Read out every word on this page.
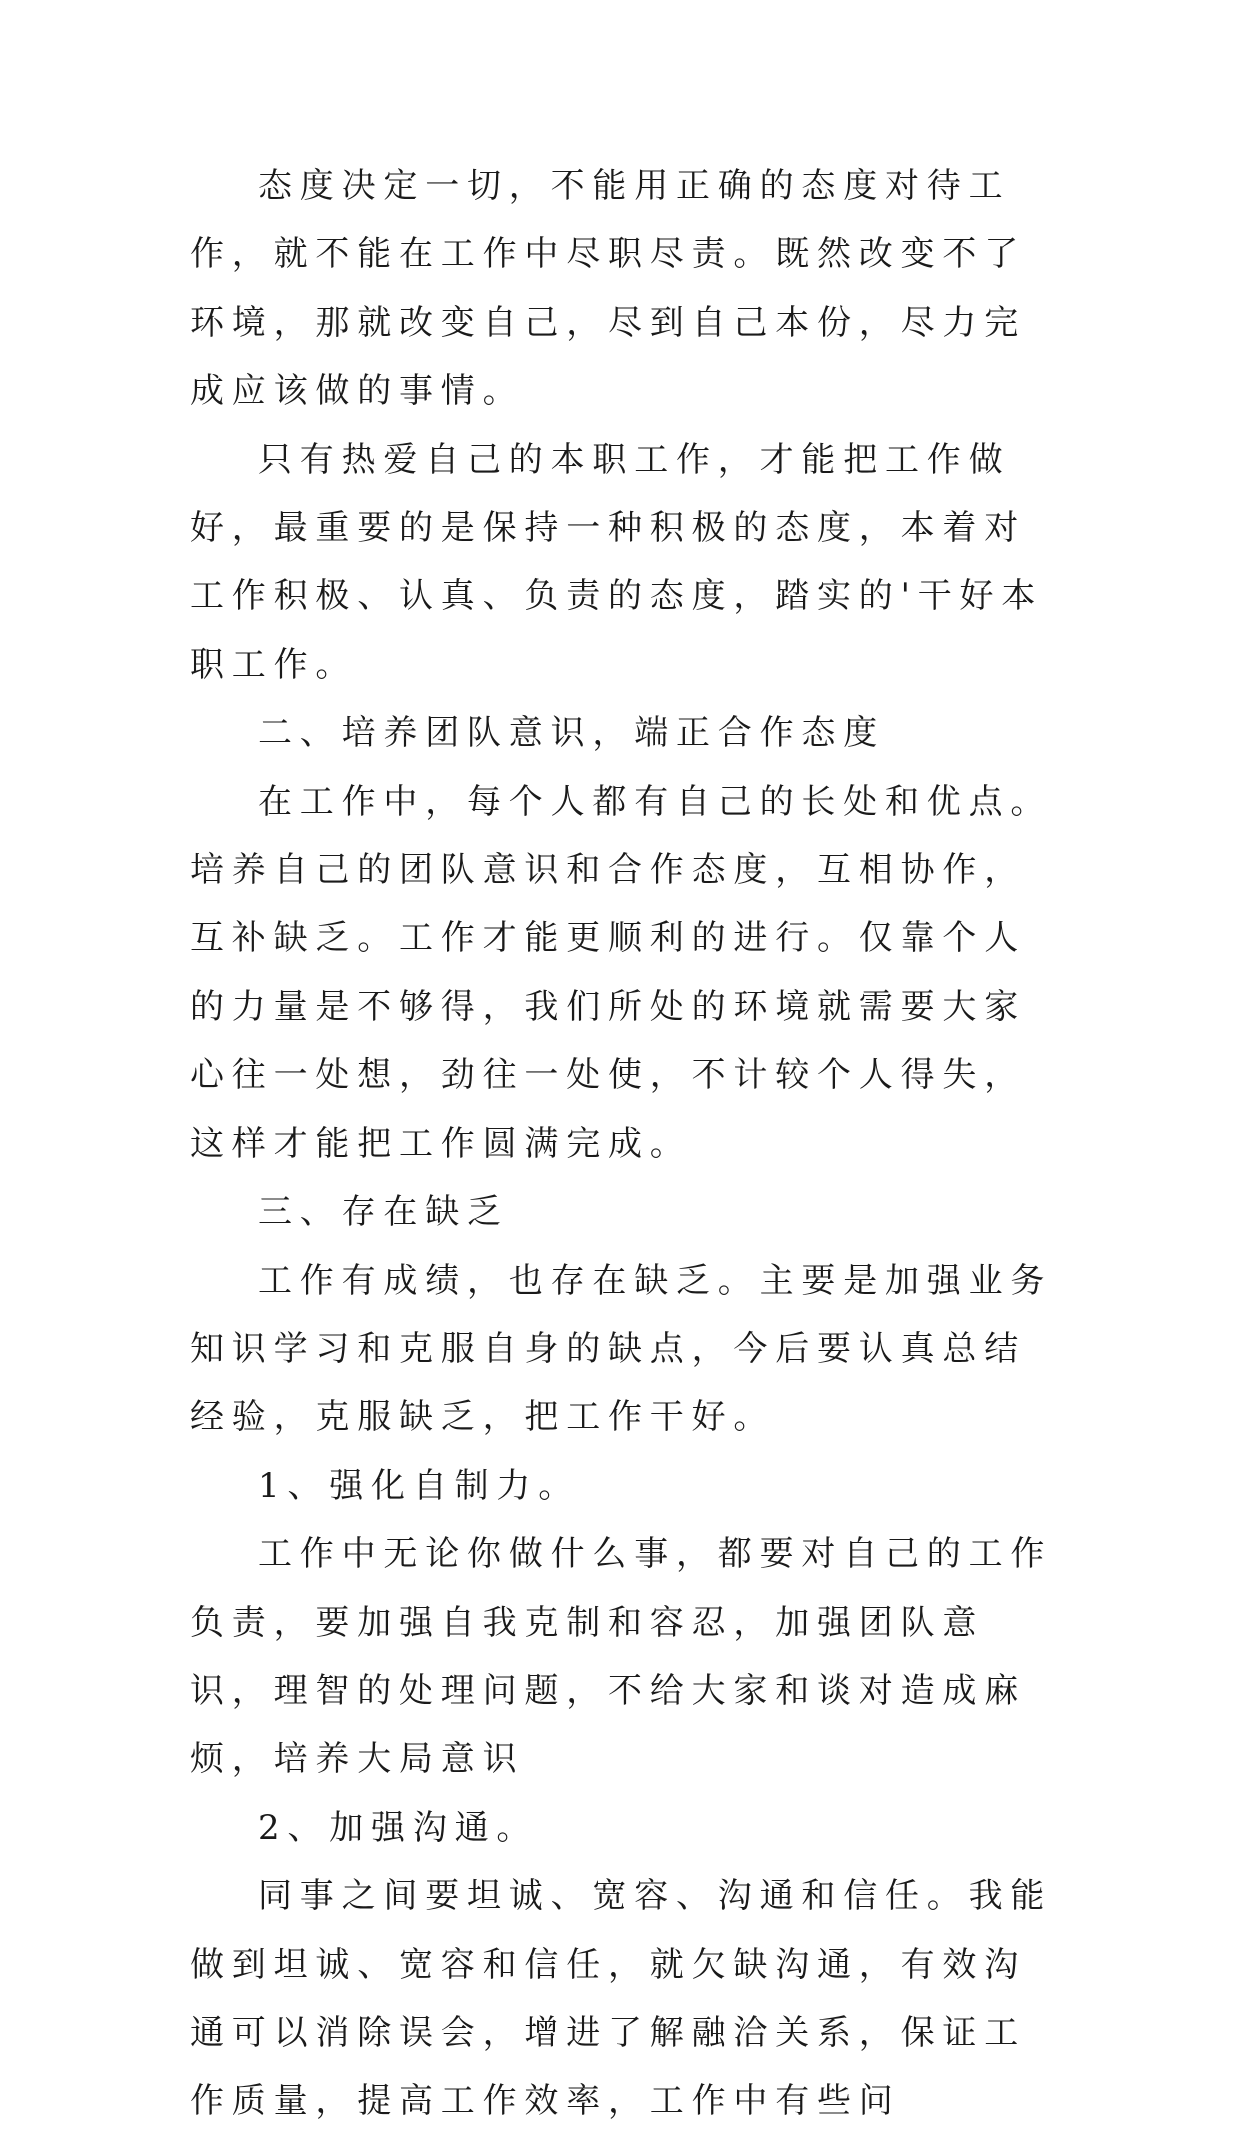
态度决定一切，不能用正确的态度对待工作，就不能在工作中尽职尽责。既然改变不了环境，那就改变自己，尽到自己本份，尽力完成应该做的事情。

只有热爱自己的本职工作，才能把工作做好，最重要的是保持一种积极的态度，本着对工作积极、认真、负责的态度，踏实的'干好本职工作。

二、培养团队意识，端正合作态度

在工作中，每个人都有自己的长处和优点。培养自己的团队意识和合作态度，互相协作，互补缺乏。工作才能更顺利的进行。仅靠个人的力量是不够得，我们所处的环境就需要大家心往一处想，劲往一处使，不计较个人得失，这样才能把工作圆满完成。

三、存在缺乏

工作有成绩，也存在缺乏。主要是加强业务知识学习和克服自身的缺点，今后要认真总结经验，克服缺乏，把工作干好。

1、强化自制力。

工作中无论你做什么事，都要对自己的工作负责，要加强自我克制和容忍，加强团队意识，理智的处理问题，不给大家和谈对造成麻烦，培养大局意识

2、加强沟通。

同事之间要坦诚、宽容、沟通和信任。我能做到坦诚、宽容和信任，就欠缺沟通，有效沟通可以消除误会，增进了解融洽关系，保证工作质量，提高工作效率，工作中有些问
